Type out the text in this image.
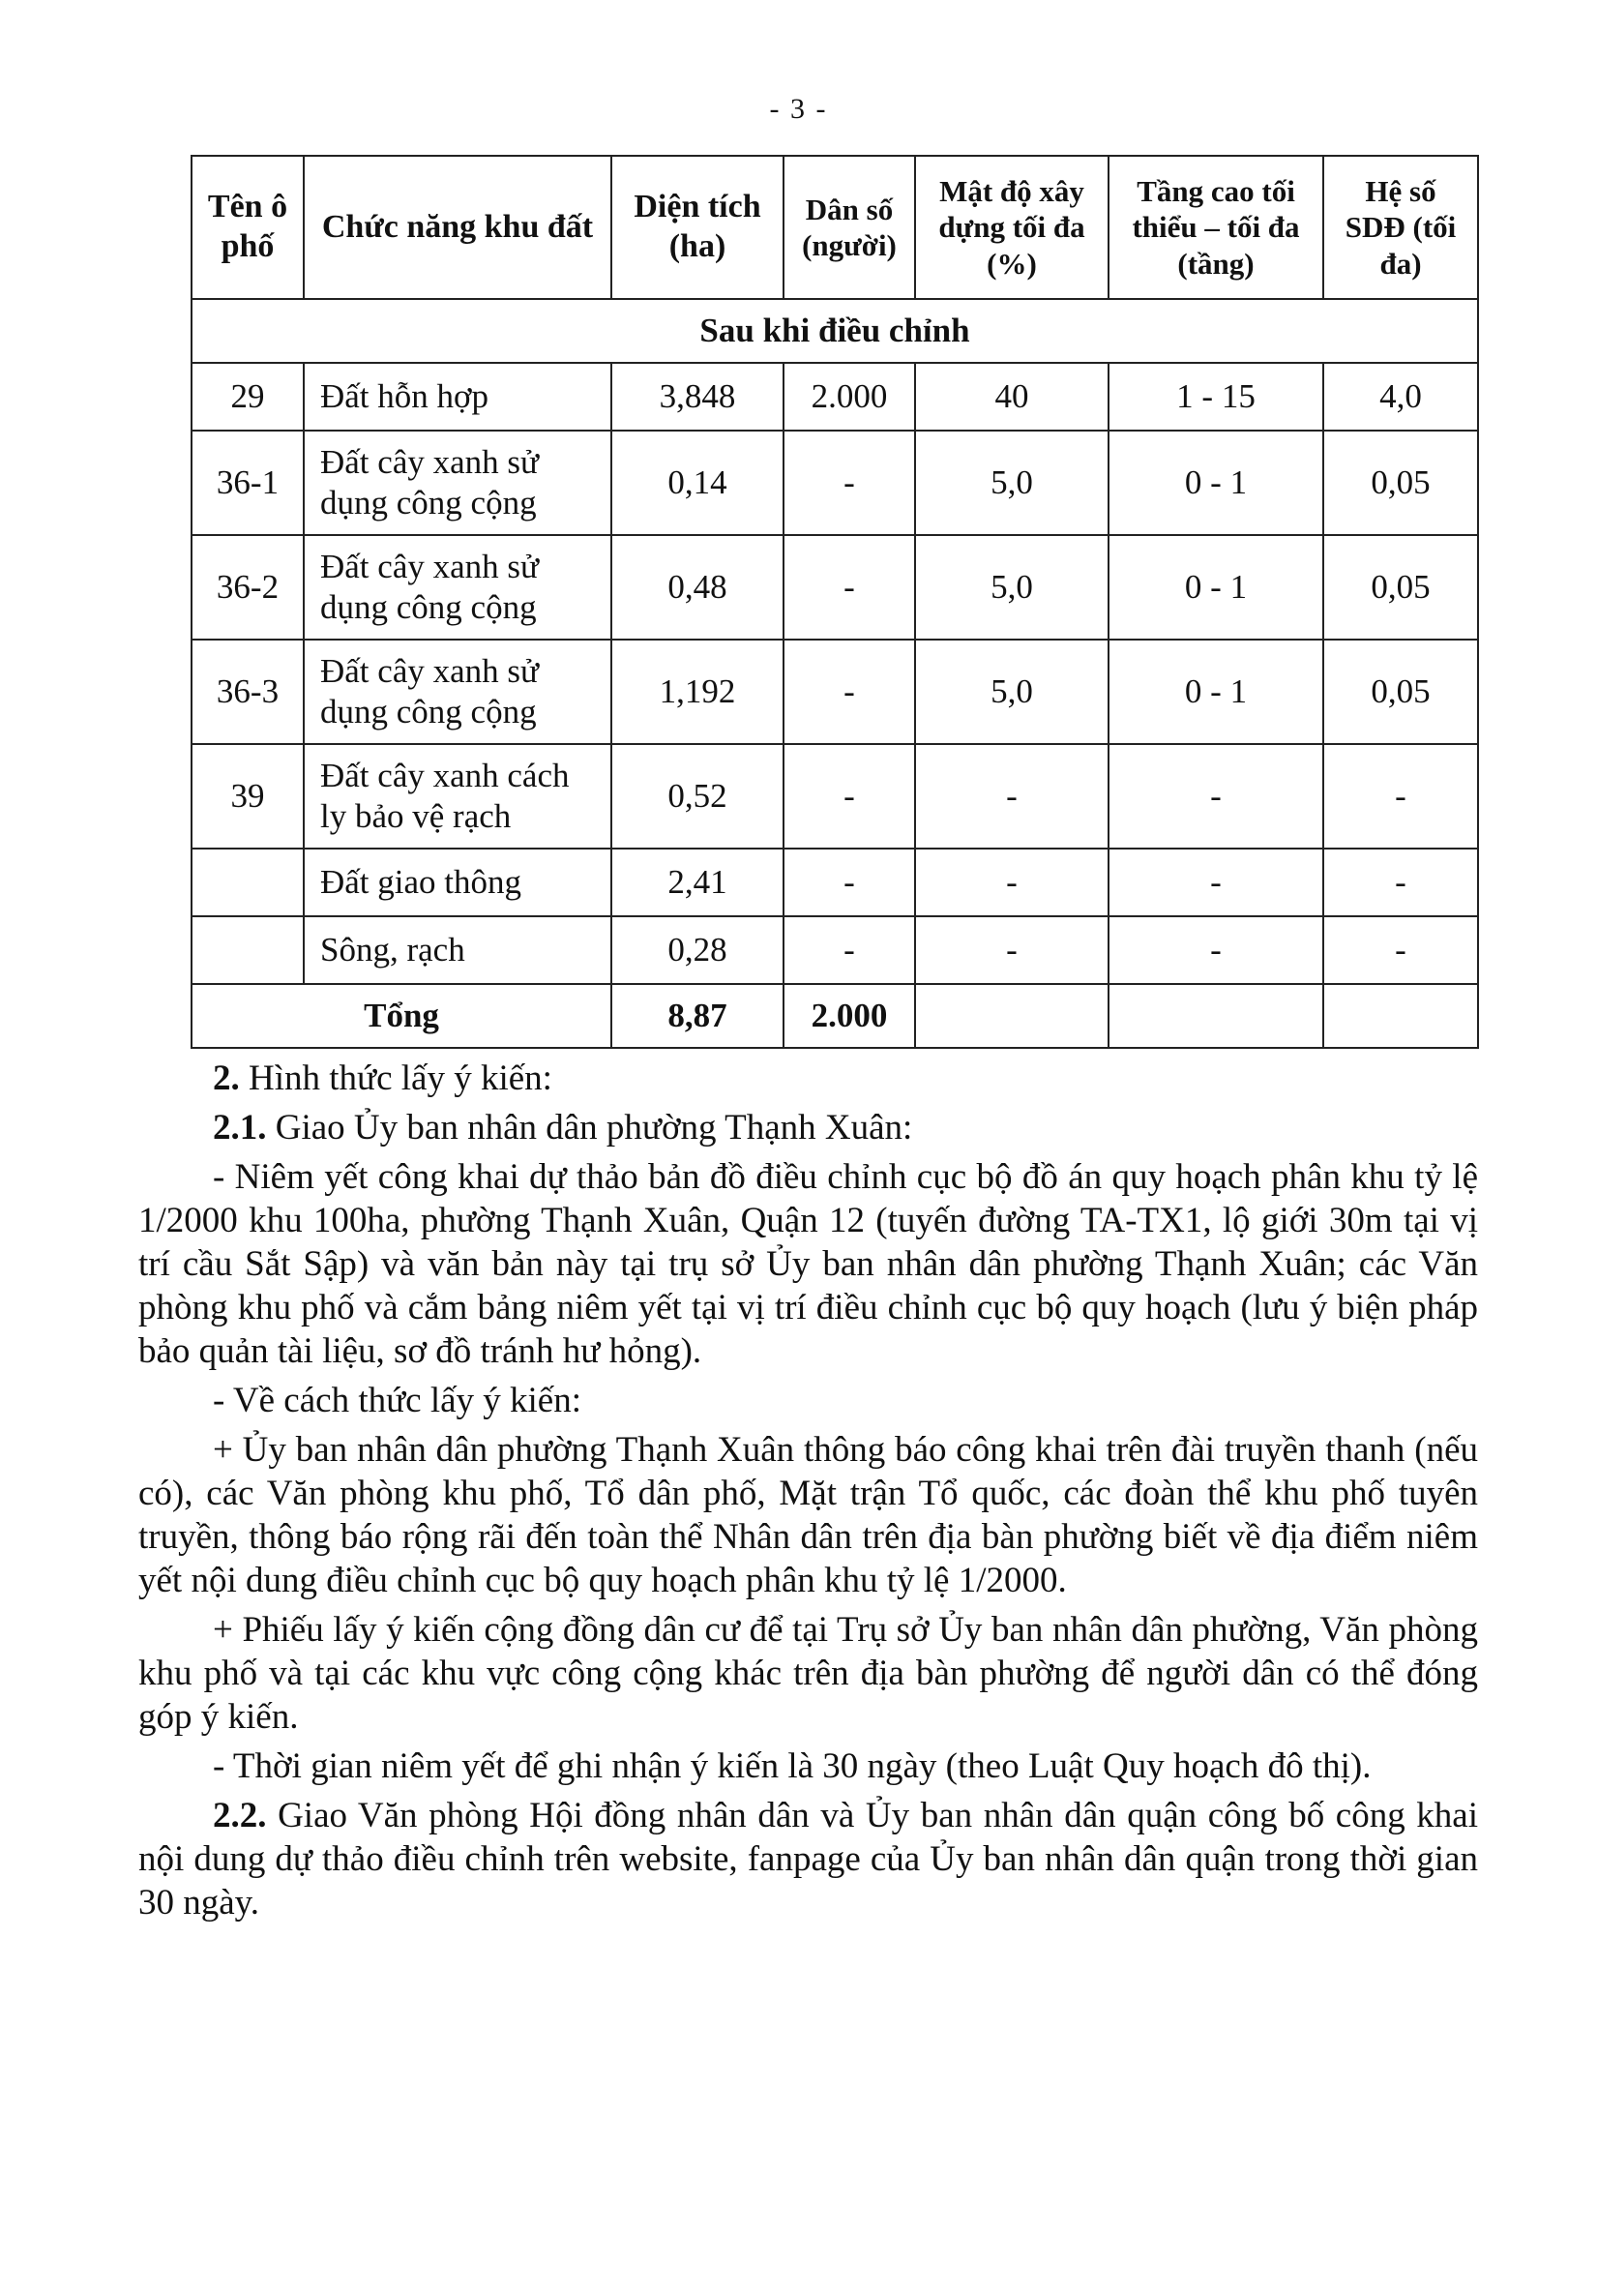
- 3 -
Tên ô phố	Chức năng khu đất	Diện tích (ha)	Dân số (người)	Mật độ xây dựng tối đa (%)	Tầng cao tối thiểu – tối đa (tầng)	Hệ số SDĐ (tối đa)
Sau khi điều chỉnh						
29	Đất hỗn hợp	3,848	2.000	40	1 - 15	4,0
36-1	Đất cây xanh sử dụng công cộng	0,14	-	5,0	0 - 1	0,05
36-2	Đất cây xanh sử dụng công cộng	0,48	-	5,0	0 - 1	0,05
36-3	Đất cây xanh sử dụng công cộng	1,192	-	5,0	0 - 1	0,05
39	Đất cây xanh cách ly bảo vệ rạch	0,52	-	-	-	-
	Đất giao thông	2,41	-	-	-	-
	Sông, rạch	0,28	-	-	-	-
Tổng		8,87	2.000			

2. Hình thức lấy ý kiến:

2.1. Giao Ủy ban nhân dân phường Thạnh Xuân:

- Niêm yết công khai dự thảo bản đồ điều chỉnh cục bộ đồ án quy hoạch phân khu tỷ lệ 1/2000 khu 100ha, phường Thạnh Xuân, Quận 12 (tuyến đường TA-TX1, lộ giới 30m tại vị trí cầu Sắt Sập) và văn bản này tại trụ sở Ủy ban nhân dân phường Thạnh Xuân; các Văn phòng khu phố và cắm bảng niêm yết tại vị trí điều chỉnh cục bộ quy hoạch (lưu ý biện pháp bảo quản tài liệu, sơ đồ tránh hư hỏng).

- Về cách thức lấy ý kiến:

+ Ủy ban nhân dân phường Thạnh Xuân thông báo công khai trên đài truyền thanh (nếu có), các Văn phòng khu phố, Tổ dân phố, Mặt trận Tổ quốc, các đoàn thể khu phố tuyên truyền, thông báo rộng rãi đến toàn thể Nhân dân trên địa bàn phường biết về địa điểm niêm yết nội dung điều chỉnh cục bộ quy hoạch phân khu tỷ lệ 1/2000.

+ Phiếu lấy ý kiến cộng đồng dân cư để tại Trụ sở Ủy ban nhân dân phường, Văn phòng khu phố và tại các khu vực công cộng khác trên địa bàn phường để người dân có thể đóng góp ý kiến.

- Thời gian niêm yết để ghi nhận ý kiến là 30 ngày (theo Luật Quy hoạch đô thị).

2.2. Giao Văn phòng Hội đồng nhân dân và Ủy ban nhân dân quận công bố công khai nội dung dự thảo điều chỉnh trên website, fanpage của Ủy ban nhân dân quận trong thời gian 30 ngày.
